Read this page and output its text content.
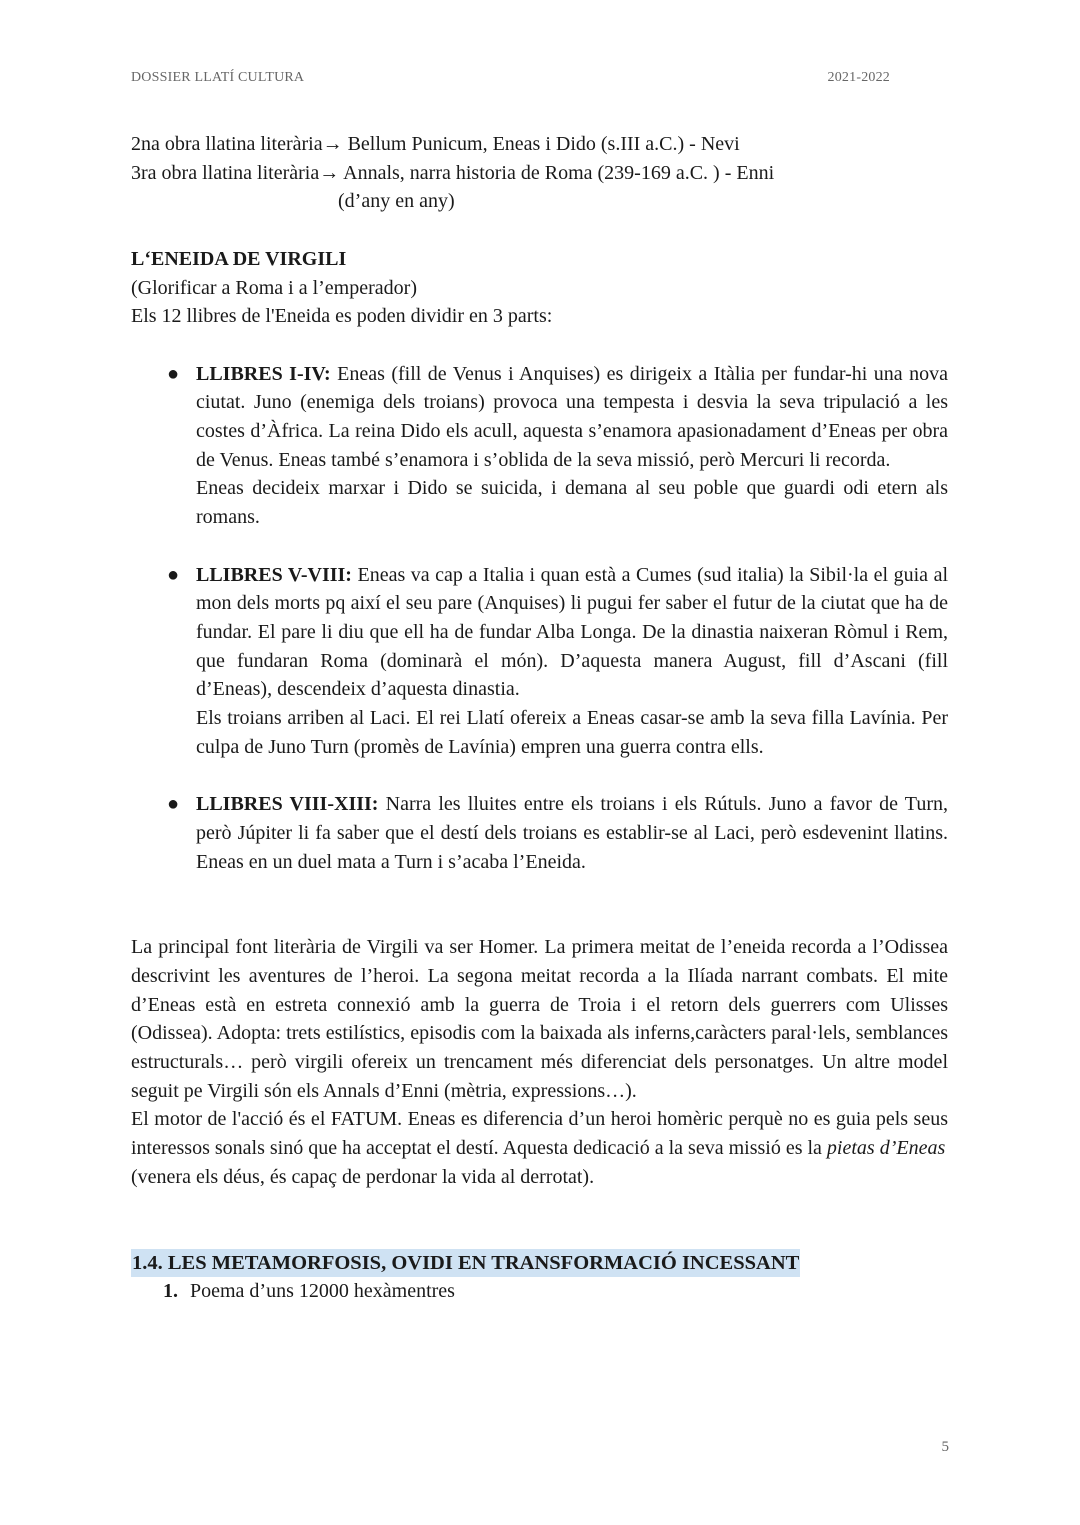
DOSSIER LLATÍ CULTURA	2021-2022

2na obra llatina literària→ Bellum Punicum, Eneas i Dido (s.III a.C.) - Nevi

3ra obra llatina literària→ Annals, narra historia de Roma (239-169 a.C. ) - Enni

(d’any en any)

L‘ENEIDA DE VIRGILI

(Glorificar a Roma i a l’emperador)

Els 12 llibres de l'Eneida es poden dividir en 3 parts:

● LLIBRES I-IV: Eneas (fill de Venus i Anquises) es dirigeix a Itàlia per fundar-hi una nova ciutat. Juno (enemiga dels troians) provoca una tempesta i desvia la seva tripulació a les costes d’Àfrica. La reina Dido els acull, aquesta s’enamora apasionadament d’Eneas per obra de Venus. Eneas també s’enamora i s’oblida de la seva missió, però Mercuri li recorda.

Eneas decideix marxar i Dido se suicida, i demana al seu poble que guardi odi etern als romans.

● LLIBRES V-VIII: Eneas va cap a Italia i quan està a Cumes (sud italia) la Sibil·la el guia al mon dels morts pq així el seu pare (Anquises) li pugui fer saber el futur de la ciutat que ha de fundar. El pare li diu que ell ha de fundar Alba Longa. De la dinastia naixeran Ròmul i Rem, que fundaran Roma (dominarà el món). D’aquesta manera August, fill d’Ascani (fill d’Eneas), descendeix d’aquesta dinastia.

Els troians arriben al Laci. El rei Llatí ofereix a Eneas casar-se amb la seva filla Lavínia. Per culpa de Juno Turn (promès de Lavínia) empren una guerra contra ells.

● LLIBRES VIII-XIII: Narra les lluites entre els troians i els Rútuls. Juno a favor de Turn, però Júpiter li fa saber que el destí dels troians es establir-se al Laci, però esdevenint llatins. Eneas en un duel mata a Turn i s’acaba l’Eneida.

La principal font literària de Virgili va ser Homer. La primera meitat de l’eneida recorda a l’Odissea descrivint les aventures de l’heroi. La segona meitat recorda a la Ilíada narrant combats. El mite d’Eneas està en estreta connexió amb la guerra de Troia i el retorn dels guerrers com Ulisses (Odissea). Adopta: trets estilístics, episodis com la baixada als inferns,caràcters paral·lels, semblances estructurals… però virgili ofereix un trencament més diferenciat dels personatges. Un altre model seguit pe Virgili són els Annals d’Enni (mètria, expressions…).

El motor de l'acció és el FATUM. Eneas es diferencia d’un heroi homèric perquè no es guia pels seus interessos sonals sinó que ha acceptat el destí. Aquesta dedicació a la seva missió es la pietas d’Eneas

(venera els déus, és capaç de perdonar la vida al derrotat).

1.4. LES METAMORFOSIS, OVIDI EN TRANSFORMACIÓ INCESSANT

1. Poema d’uns 12000 hexàmentres

5
